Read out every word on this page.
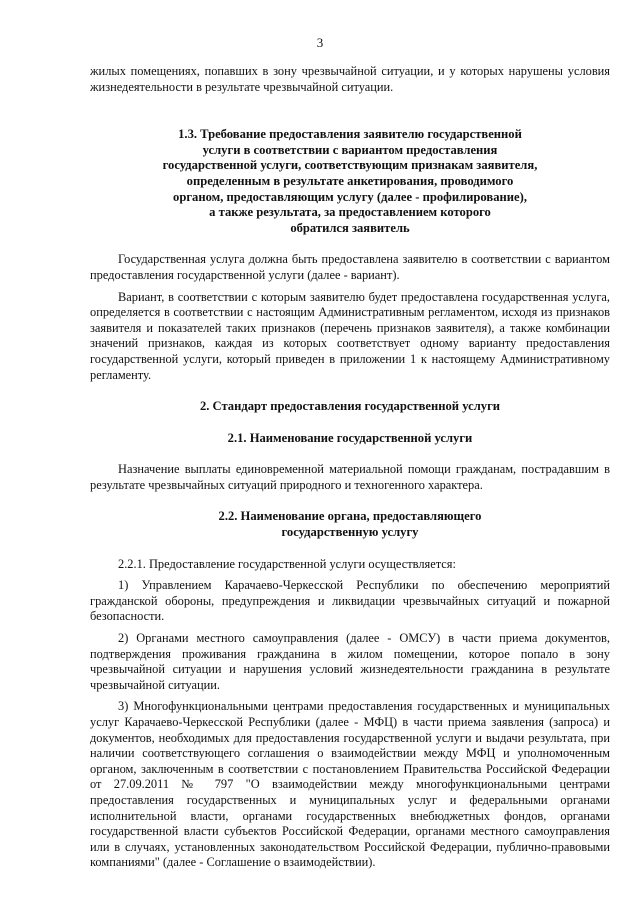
3

жилых помещениях, попавших в зону чрезвычайной ситуации, и у которых нарушены условия жизнедеятельности в результате чрезвычайной ситуации.

1.3. Требование предоставления заявителю государственной
услуги в соответствии с вариантом предоставления
государственной услуги, соответствующим признакам заявителя,
определенным в результате анкетирования, проводимого
органом, предоставляющим услугу (далее - профилирование),
а также результата, за предоставлением которого
обратился заявитель

Государственная услуга должна быть предоставлена заявителю в соответствии с вариантом предоставления государственной услуги (далее - вариант).

Вариант, в соответствии с которым заявителю будет предоставлена государственная услуга, определяется в соответствии с настоящим Административным регламентом, исходя из признаков заявителя и показателей таких признаков (перечень признаков заявителя), а также комбинации значений признаков, каждая из которых соответствует одному варианту предоставления государственной услуги, который приведен в приложении 1 к настоящему Административному регламенту.

2. Стандарт предоставления государственной услуги
2.1. Наименование государственной услуги

Назначение выплаты единовременной материальной помощи гражданам, пострадавшим в результате чрезвычайных ситуаций природного и техногенного характера.

2.2. Наименование органа, предоставляющего
государственную услугу

2.2.1. Предоставление государственной услуги осуществляется:

1) Управлением Карачаево-Черкесской Республики по обеспечению мероприятий гражданской обороны, предупреждения и ликвидации чрезвычайных ситуаций и пожарной безопасности.

2) Органами местного самоуправления (далее - ОМСУ) в части приема документов, подтверждения проживания гражданина в жилом помещении, которое попало в зону чрезвычайной ситуации и нарушения условий жизнедеятельности гражданина в результате чрезвычайной ситуации.

3) Многофункциональными центрами предоставления государственных и муниципальных услуг Карачаево-Черкесской Республики (далее - МФЦ) в части приема заявления (запроса) и документов, необходимых для предоставления государственной услуги и выдачи результата, при наличии соответствующего соглашения о взаимодействии между МФЦ и уполномоченным органом, заключенным в соответствии с постановлением Правительства Российской Федерации от 27.09.2011 № 797 "О взаимодействии между многофункциональными центрами предоставления государственных и муниципальных услуг и федеральными органами исполнительной власти, органами государственных внебюджетных фондов, органами государственной власти субъектов Российской Федерации, органами местного самоуправления или в случаях, установленных законодательством Российской Федерации, публично-правовыми компаниями" (далее - Соглашение о взаимодействии).
